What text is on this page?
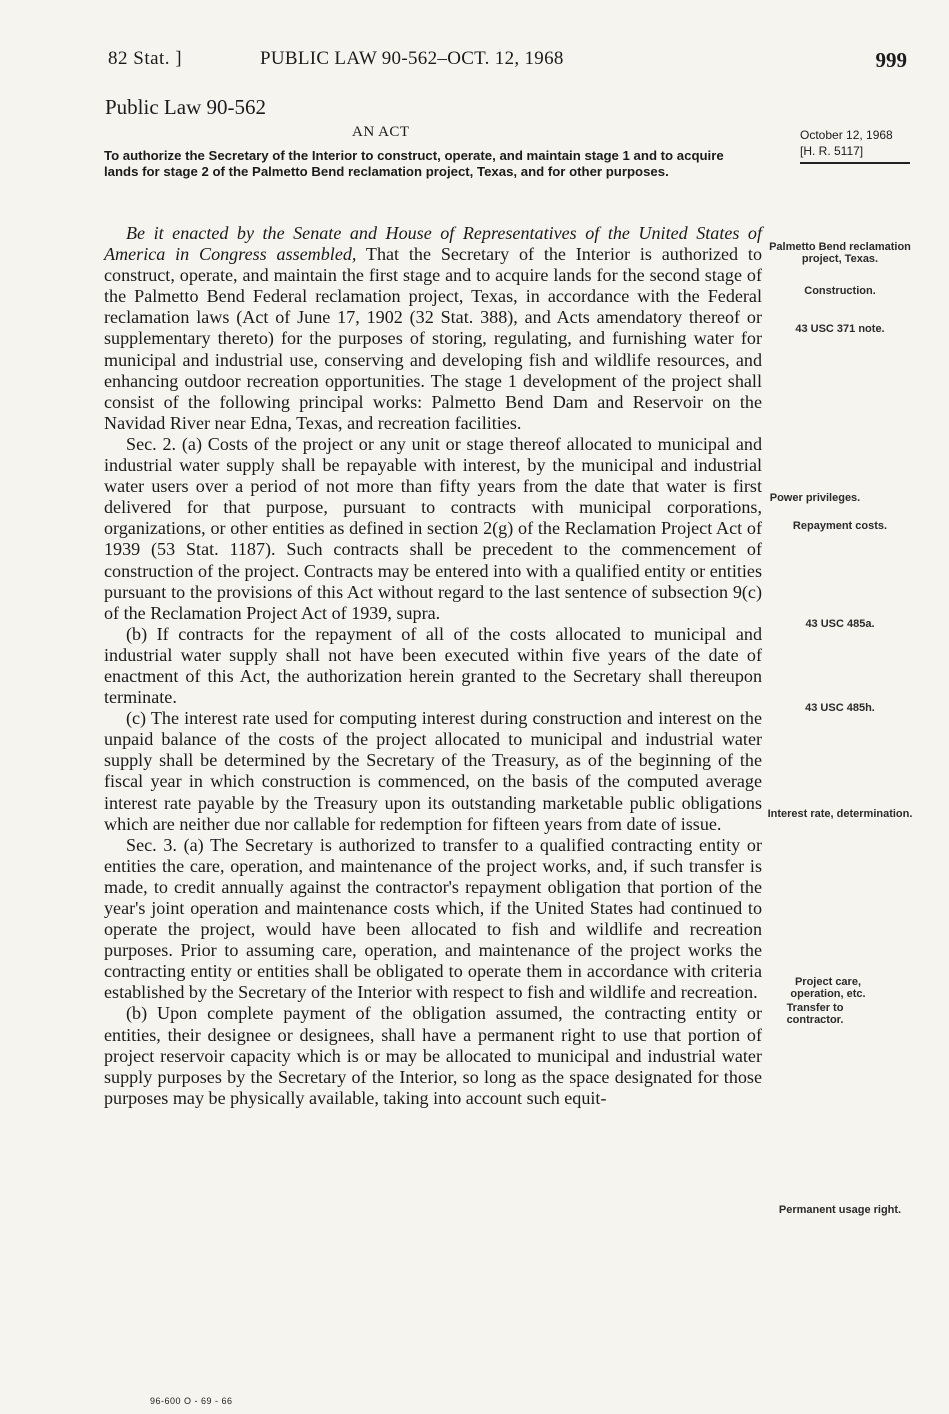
82 Stat. ]	PUBLIC LAW 90-562–OCT. 12, 1968	999
Public Law 90-562
AN ACT	October 12, 1968
[H. R. 5117]
To authorize the Secretary of the Interior to construct, operate, and maintain stage 1 and to acquire lands for stage 2 of the Palmetto Bend reclamation project, Texas, and for other purposes.

Be it enacted by the Senate and House of Representatives of the United States of America in Congress assembled, That the Secretary of the Interior is authorized to construct, operate, and maintain the first stage and to acquire lands for the second stage of the Palmetto Bend Federal reclamation project, Texas, in accordance with the Federal reclamation laws (Act of June 17, 1902 (32 Stat. 388), and Acts amendatory thereof or supplementary thereto) for the purposes of storing, regulating, and furnishing water for municipal and industrial use, conserving and developing fish and wildlife resources, and enhancing outdoor recreation opportunities. The stage 1 development of the project shall consist of the following principal works: Palmetto Bend Dam and Reservoir on the Navidad River near Edna, Texas, and recreation facilities.

Sec. 2. (a) Costs of the project or any unit or stage thereof allocated to municipal and industrial water supply shall be repayable with interest, by the municipal and industrial water users over a period of not more than fifty years from the date that water is first delivered for that purpose, pursuant to contracts with municipal corporations, organizations, or other entities as defined in section 2(g) of the Reclamation Project Act of 1939 (53 Stat. 1187). Such contracts shall be precedent to the commencement of construction of the project. Contracts may be entered into with a qualified entity or entities pursuant to the provisions of this Act without regard to the last sentence of subsection 9(c) of the Reclamation Project Act of 1939, supra.

(b) If contracts for the repayment of all of the costs allocated to municipal and industrial water supply shall not have been executed within five years of the date of enactment of this Act, the authorization herein granted to the Secretary shall thereupon terminate.

(c) The interest rate used for computing interest during construction and interest on the unpaid balance of the costs of the project allocated to municipal and industrial water supply shall be determined by the Secretary of the Treasury, as of the beginning of the fiscal year in which construction is commenced, on the basis of the computed average interest rate payable by the Treasury upon its outstanding marketable public obligations which are neither due nor callable for redemption for fifteen years from date of issue.

Sec. 3. (a) The Secretary is authorized to transfer to a qualified contracting entity or entities the care, operation, and maintenance of the project works, and, if such transfer is made, to credit annually against the contractor's repayment obligation that portion of the year's joint operation and maintenance costs which, if the United States had continued to operate the project, would have been allocated to fish and wildlife and recreation purposes. Prior to assuming care, operation, and maintenance of the project works the contracting entity or entities shall be obligated to operate them in accordance with criteria established by the Secretary of the Interior with respect to fish and wildlife and recreation.

(b) Upon complete payment of the obligation assumed, the contracting entity or entities, their designee or designees, shall have a permanent right to use that portion of project reservoir capacity which is or may be allocated to municipal and industrial water supply purposes by the Secretary of the Interior, so long as the space designated for those purposes may be physically available, taking into account such equit-

Palmetto Bend reclamation project, Texas.
Construction.
43 USC 371 note.
Power privileges.
Repayment costs.
43 USC 485a.
43 USC 485h.
Interest rate, determination.
Project care, operation, etc.
Transfer to contractor.
Permanent usage right.
96-600 O - 69 - 66
